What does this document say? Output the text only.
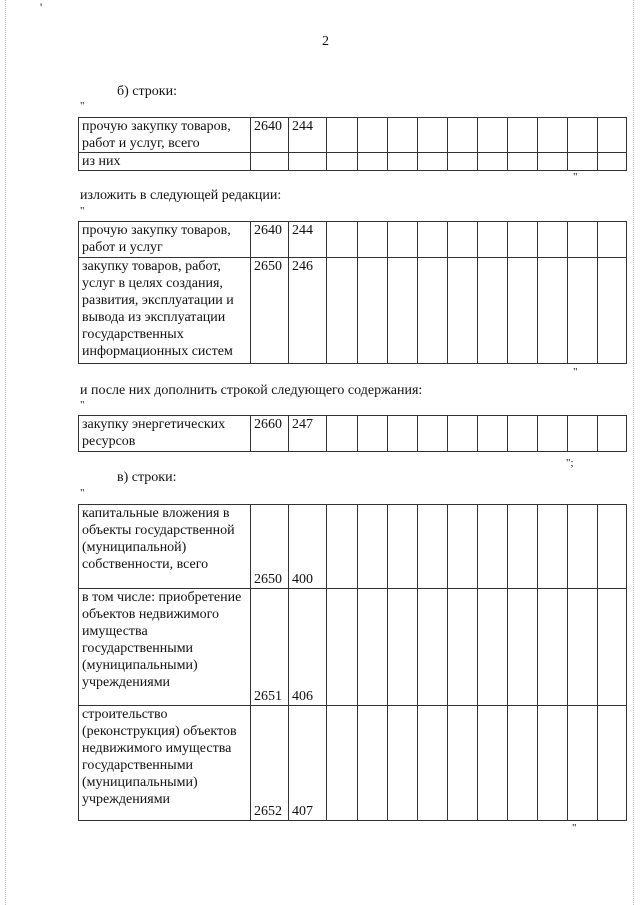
'
2
б) строки:
"
прочую закупку товаров, работ и услуг, всего	2640	244										
из них												
"
изложить в следующей редакции:
"
прочую закупку товаров, работ и услуг	2640	244										
закупку товаров, работ, услуг в целях создания, развития, эксплуатации и вывода из эксплуатации государственных информационных систем	2650	246										
"
и после них дополнить строкой следующего содержания:
"
закупку энергетических ресурсов	2660	247										
";
в) строки:
"
капитальные вложения в объекты государственной (муниципальной) собственности, всего	2650	400										
в том числе: приобретение объектов недвижимого имущества государственными (муниципальными) учреждениями	2651	406										
строительство (реконструкция) объектов недвижимого имущества государственными (муниципальными) учреждениями	2652	407										
"
